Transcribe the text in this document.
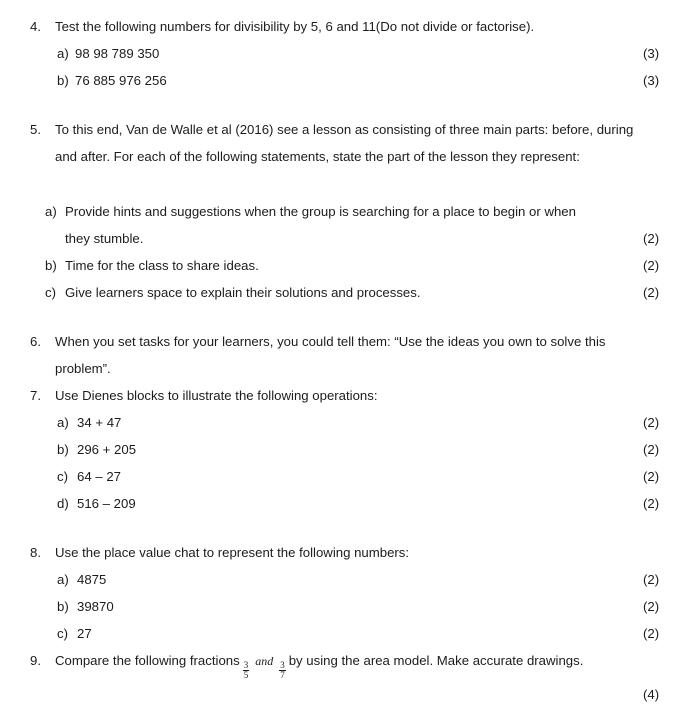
4.	Test the following numbers for divisibility by 5, 6 and 11(Do not divide or factorise).
a) 98 98 789 350	(3)
b) 76 885 976 256	(3)
5.	To this end, Van de Walle et al (2016) see a lesson as consisting of three main parts: before, during and after. For each of the following statements, state the part of the lesson they represent:
a) Provide hints and suggestions when the group is searching for a place to begin or when
they stumble.	(2)
b) Time for the class to share ideas.	(2)
c) Give learners space to explain their solutions and processes.	(2)
6.	When you set tasks for your learners, you could tell them: “Use the ideas you own to solve this problem”.
7.	Use Dienes blocks to illustrate the following operations:
a) 34 + 47	(2)
b) 296 + 205	(2)
c) 64 – 27	(2)
d) 516 – 209	(2)
8.	Use the place value chat to represent the following numbers:
a) 4875	(2)
b) 39870	(2)
c) 27	(2)
9.	Compare the following fractions
$\frac{3}{5}$ and $\frac{3}{7}$
by using the area model. Make accurate drawings.
(4)
